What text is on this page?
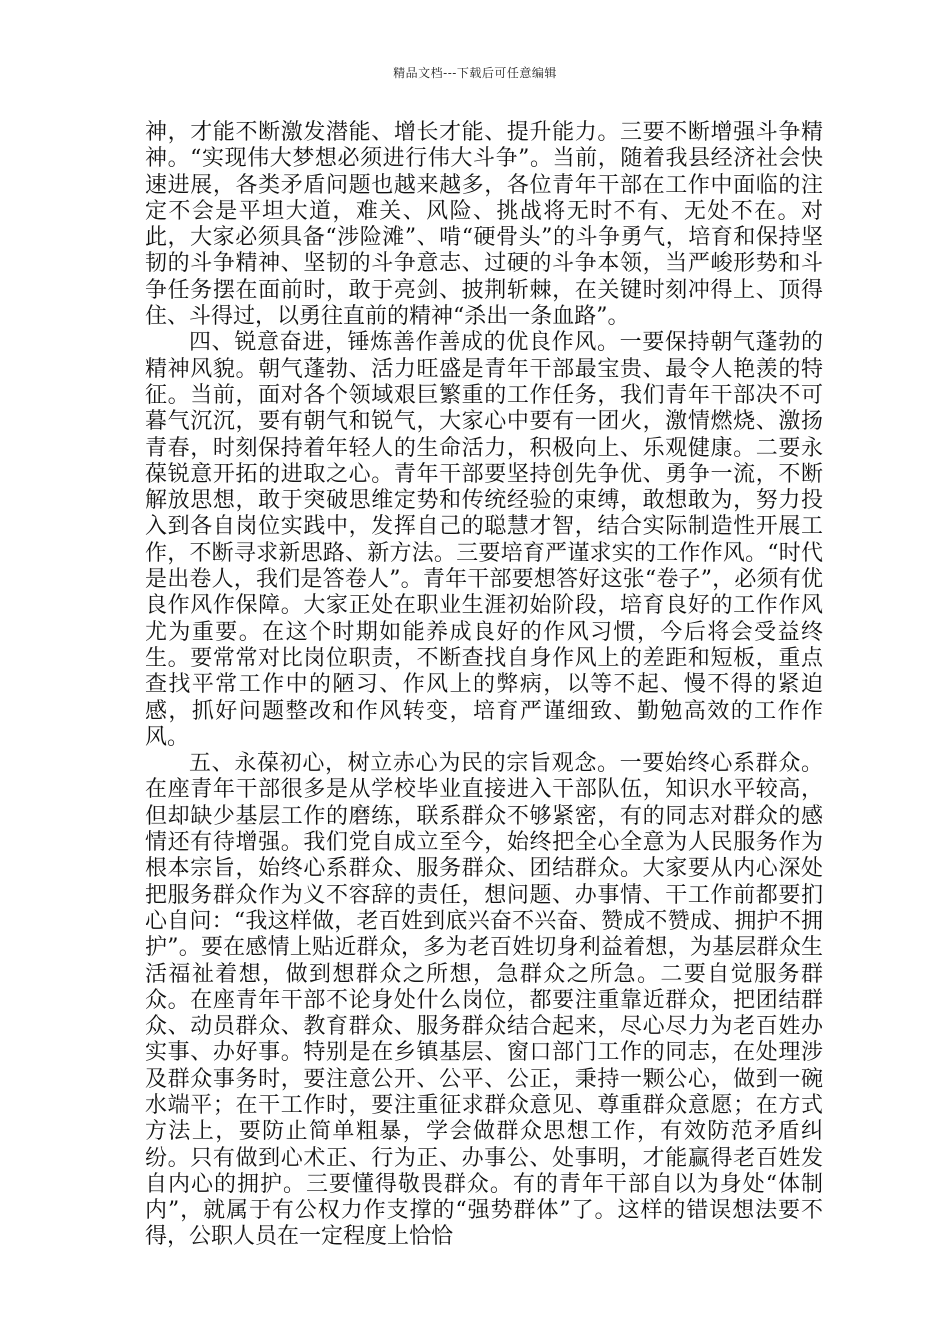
精品文档---下载后可任意编辑

神，才能不断激发潜能、增长才能、提升能力。三要不断增强斗争精神。“实现伟大梦想必须进行伟大斗争”。当前，随着我县经济社会快速进展，各类矛盾问题也越来越多，各位青年干部在工作中面临的注定不会是平坦大道，难关、风险、挑战将无时不有、无处不在。对此，大家必须具备“涉险滩”、啃“硬骨头”的斗争勇气，培育和保持坚韧的斗争精神、坚韧的斗争意志、过硬的斗争本领，当严峻形势和斗争任务摆在面前时，敢于亮剑、披荆斩棘，在关键时刻冲得上、顶得住、斗得过，以勇往直前的精神“杀出一条血路”。

四、锐意奋进，锤炼善作善成的优良作风。一要保持朝气蓬勃的精神风貌。朝气蓬勃、活力旺盛是青年干部最宝贵、最令人艳羡的特征。当前，面对各个领域艰巨繁重的工作任务，我们青年干部决不可暮气沉沉，要有朝气和锐气，大家心中要有一团火，激情燃烧、激扬青春，时刻保持着年轻人的生命活力，积极向上、乐观健康。二要永葆锐意开拓的进取之心。青年干部要坚持创先争优、勇争一流，不断解放思想，敢于突破思维定势和传统经验的束缚，敢想敢为，努力投入到各自岗位实践中，发挥自己的聪慧才智，结合实际制造性开展工作，不断寻求新思路、新方法。三要培育严谨求实的工作作风。“时代是出卷人，我们是答卷人”。青年干部要想答好这张“卷子”，必须有优良作风作保障。大家正处在职业生涯初始阶段，培育良好的工作作风尤为重要。在这个时期如能养成良好的作风习惯，今后将会受益终生。要常常对比岗位职责，不断查找自身作风上的差距和短板，重点查找平常工作中的陋习、作风上的弊病，以等不起、慢不得的紧迫感，抓好问题整改和作风转变，培育严谨细致、勤勉高效的工作作风。

五、永葆初心，树立赤心为民的宗旨观念。一要始终心系群众。在座青年干部很多是从学校毕业直接进入干部队伍，知识水平较高，但却缺少基层工作的磨练，联系群众不够紧密，有的同志对群众的感情还有待增强。我们党自成立至今，始终把全心全意为人民服务作为根本宗旨，始终心系群众、服务群众、团结群众。大家要从内心深处把服务群众作为义不容辞的责任，想问题、办事情、干工作前都要扪心自问：“我这样做，老百姓到底兴奋不兴奋、赞成不赞成、拥护不拥护”。要在感情上贴近群众，多为老百姓切身利益着想，为基层群众生活福祉着想，做到想群众之所想，急群众之所急。二要自觉服务群众。在座青年干部不论身处什么岗位，都要注重靠近群众，把团结群众、动员群众、教育群众、服务群众结合起来，尽心尽力为老百姓办实事、办好事。特别是在乡镇基层、窗口部门工作的同志，在处理涉及群众事务时，要注意公开、公平、公正，秉持一颗公心，做到一碗水端平；在干工作时，要注重征求群众意见、尊重群众意愿；在方式方法上，要防止简单粗暴，学会做群众思想工作，有效防范矛盾纠纷。只有做到心术正、行为正、办事公、处事明，才能赢得老百姓发自内心的拥护。三要懂得敬畏群众。有的青年干部自以为身处“体制内”，就属于有公权力作支撑的“强势群体”了。这样的错误想法要不得，公职人员在一定程度上恰恰
